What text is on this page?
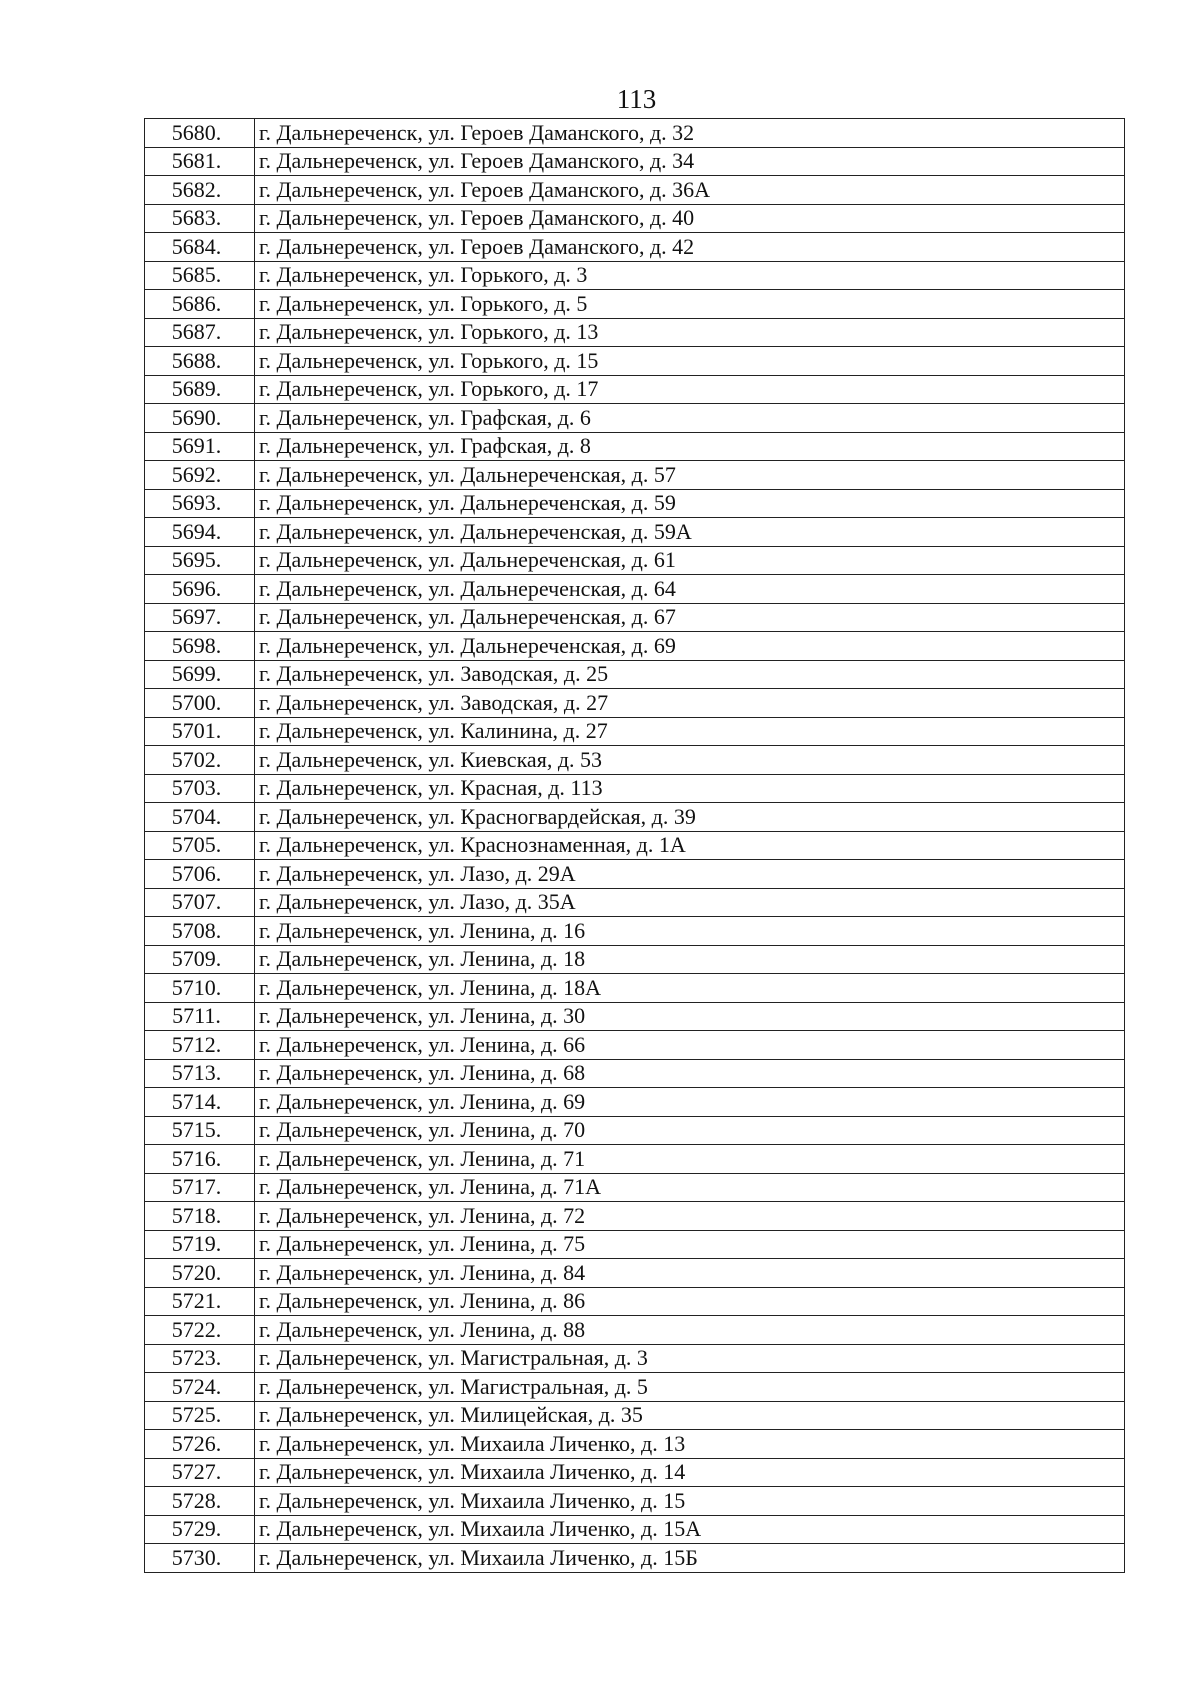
113
5680.	г. Дальнереченск, ул. Героев Даманского, д. 32
5681.	г. Дальнереченск, ул. Героев Даманского, д. 34
5682.	г. Дальнереченск, ул. Героев Даманского, д. 36А
5683.	г. Дальнереченск, ул. Героев Даманского, д. 40
5684.	г. Дальнереченск, ул. Героев Даманского, д. 42
5685.	г. Дальнереченск, ул. Горького, д. 3
5686.	г. Дальнереченск, ул. Горького, д. 5
5687.	г. Дальнереченск, ул. Горького, д. 13
5688.	г. Дальнереченск, ул. Горького, д. 15
5689.	г. Дальнереченск, ул. Горького, д. 17
5690.	г. Дальнереченск, ул. Графская, д. 6
5691.	г. Дальнереченск, ул. Графская, д. 8
5692.	г. Дальнереченск, ул. Дальнереченская, д. 57
5693.	г. Дальнереченск, ул. Дальнереченская, д. 59
5694.	г. Дальнереченск, ул. Дальнереченская, д. 59А
5695.	г. Дальнереченск, ул. Дальнереченская, д. 61
5696.	г. Дальнереченск, ул. Дальнереченская, д. 64
5697.	г. Дальнереченск, ул. Дальнереченская, д. 67
5698.	г. Дальнереченск, ул. Дальнереченская, д. 69
5699.	г. Дальнереченск, ул. Заводская, д. 25
5700.	г. Дальнереченск, ул. Заводская, д. 27
5701.	г. Дальнереченск, ул. Калинина, д. 27
5702.	г. Дальнереченск, ул. Киевская, д. 53
5703.	г. Дальнереченск, ул. Красная, д. 113
5704.	г. Дальнереченск, ул. Красногвардейская, д. 39
5705.	г. Дальнереченск, ул. Краснознаменная, д. 1А
5706.	г. Дальнереченск, ул. Лазо, д. 29А
5707.	г. Дальнереченск, ул. Лазо, д. 35А
5708.	г. Дальнереченск, ул. Ленина, д. 16
5709.	г. Дальнереченск, ул. Ленина, д. 18
5710.	г. Дальнереченск, ул. Ленина, д. 18А
5711.	г. Дальнереченск, ул. Ленина, д. 30
5712.	г. Дальнереченск, ул. Ленина, д. 66
5713.	г. Дальнереченск, ул. Ленина, д. 68
5714.	г. Дальнереченск, ул. Ленина, д. 69
5715.	г. Дальнереченск, ул. Ленина, д. 70
5716.	г. Дальнереченск, ул. Ленина, д. 71
5717.	г. Дальнереченск, ул. Ленина, д. 71А
5718.	г. Дальнереченск, ул. Ленина, д. 72
5719.	г. Дальнереченск, ул. Ленина, д. 75
5720.	г. Дальнереченск, ул. Ленина, д. 84
5721.	г. Дальнереченск, ул. Ленина, д. 86
5722.	г. Дальнереченск, ул. Ленина, д. 88
5723.	г. Дальнереченск, ул. Магистральная, д. 3
5724.	г. Дальнереченск, ул. Магистральная, д. 5
5725.	г. Дальнереченск, ул. Милицейская, д. 35
5726.	г. Дальнереченск, ул. Михаила Личенко, д. 13
5727.	г. Дальнереченск, ул. Михаила Личенко, д. 14
5728.	г. Дальнереченск, ул. Михаила Личенко, д. 15
5729.	г. Дальнереченск, ул. Михаила Личенко, д. 15А
5730.	г. Дальнереченск, ул. Михаила Личенко, д. 15Б
